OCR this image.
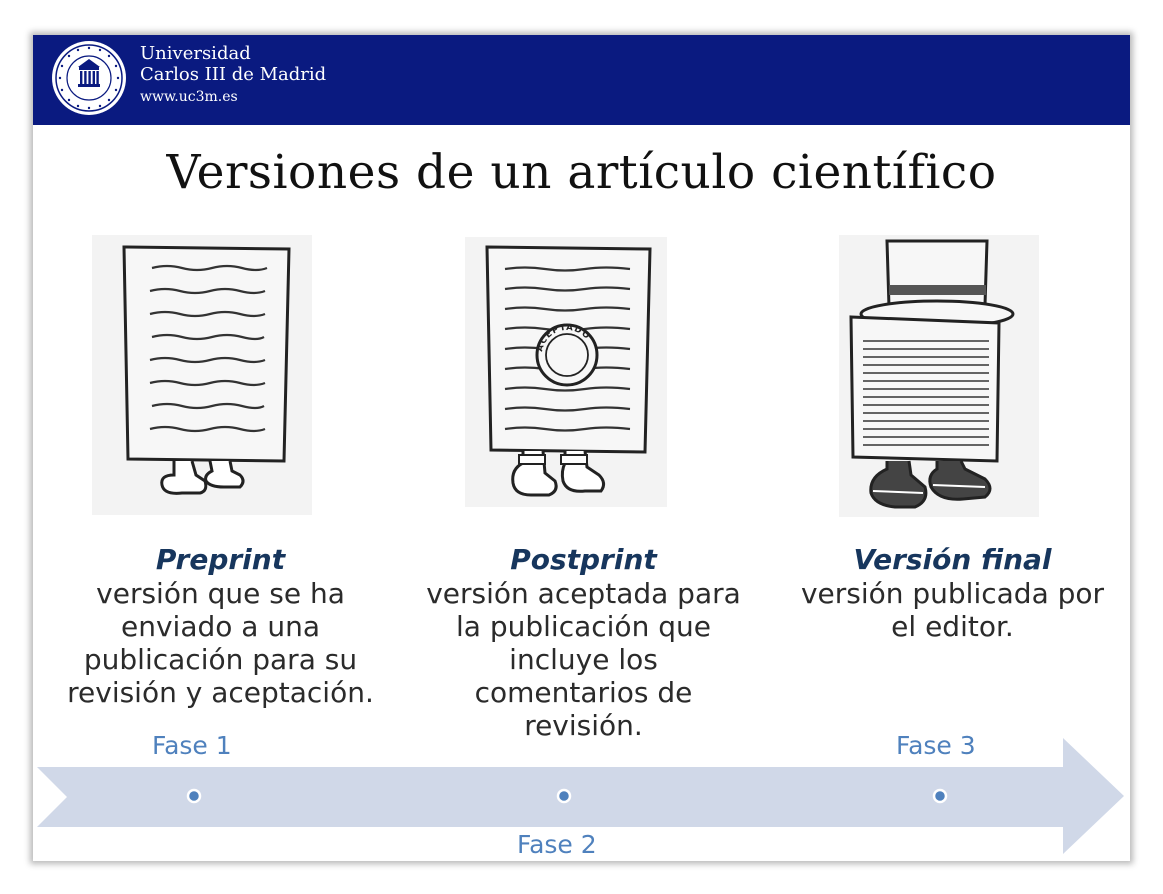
Universidad
Carlos III de Madrid
www.uc3m.es
Versiones de un artículo científico
ACEPTADO
Preprint
versión que se ha
enviado a una
publicación para su
revisión y aceptación.
Postprint
versión aceptada para
la publicación que
incluye los
comentarios de
revisión.
Versión final
versión publicada por
el editor.
Fase 1
Fase 2
Fase 3
